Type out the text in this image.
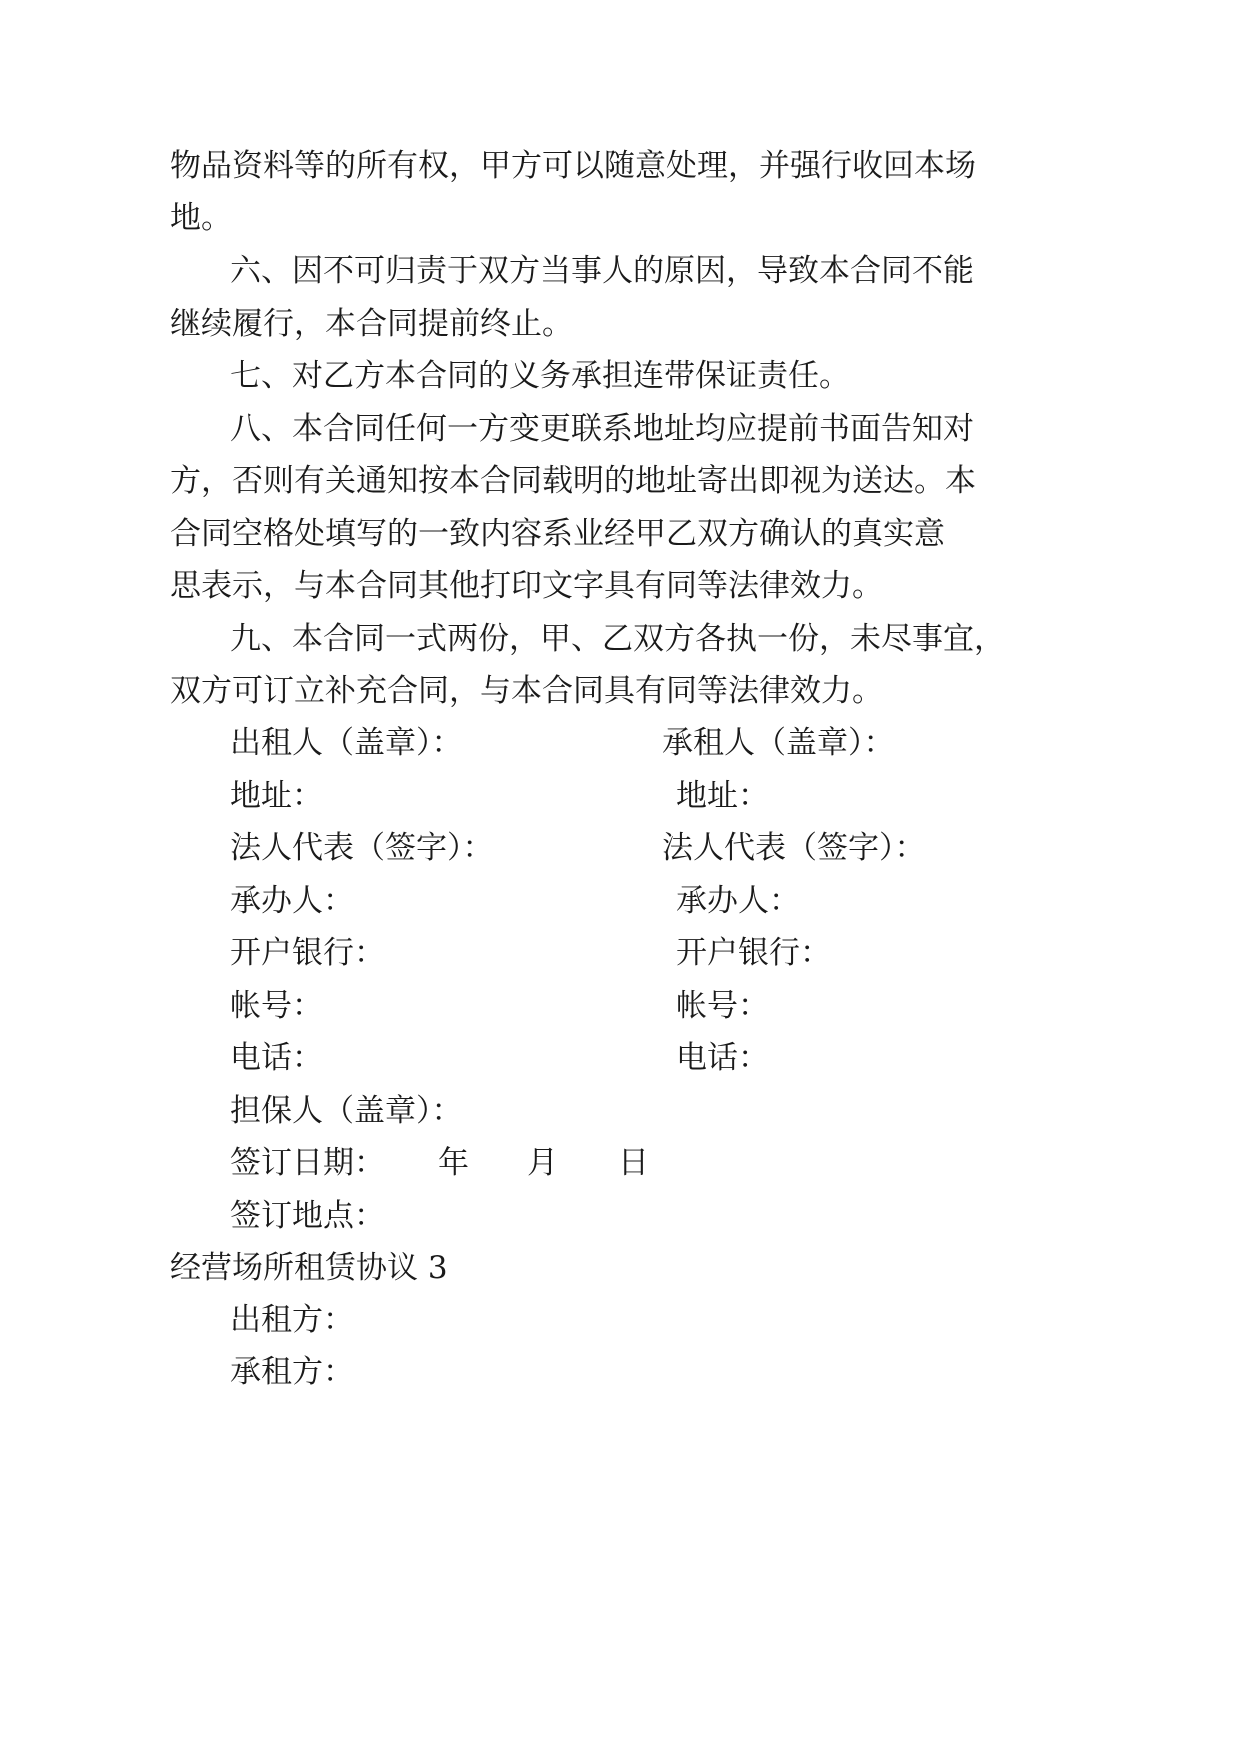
物品资料等的所有权，甲方可以随意处理，并强行收回本场
地。
六、因不可归责于双方当事人的原因，导致本合同不能
继续履行，本合同提前终止。
七、对乙方本合同的义务承担连带保证责任。
八、本合同任何一方变更联系地址均应提前书面告知对
方，否则有关通知按本合同载明的地址寄出即视为送达。本
合同空格处填写的一致内容系业经甲乙双方确认的真实意
思表示，与本合同其他打印文字具有同等法律效力。
九、本合同一式两份，甲、乙双方各执一份，未尽事宜，
双方可订立补充合同，与本合同具有同等法律效力。
出租人（盖章）：
地址：
法人代表（签字）：
承办人：
开户银行：
帐号：
电话：
承租人（盖章）：
地址：
法人代表（签字）：
承办人：
开户银行：
帐号：
电话：
担保人（盖章）：
签订日期： 年 月 日
签订地点：
经营场所租赁协议 3
出租方：
承租方：
